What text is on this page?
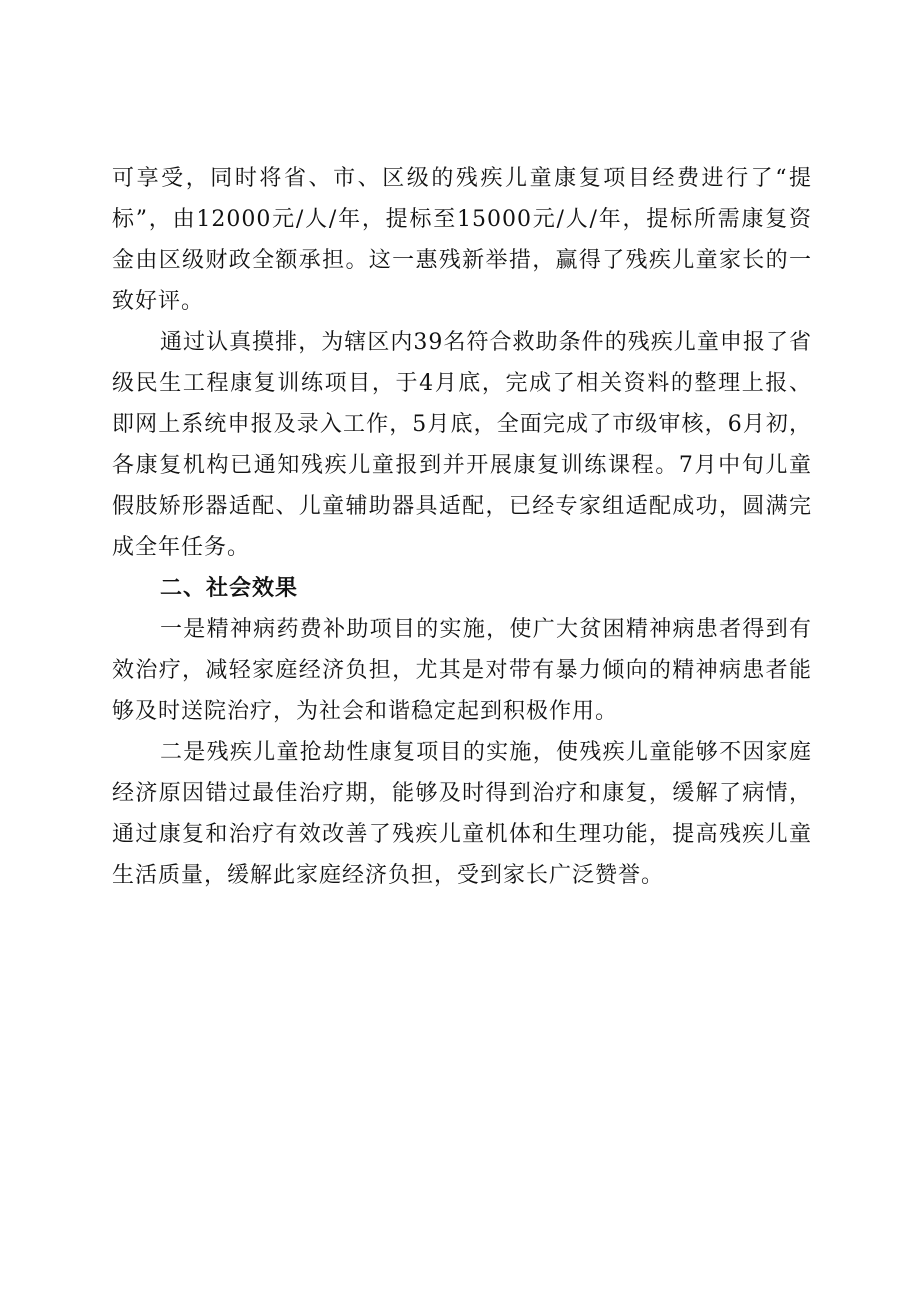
可享受，同时将省、市、区级的残疾儿童康复项目经费进行了“提标”，由12000元/人/年，提标至15000元/人/年，提标所需康复资金由区级财政全额承担。这一惠残新举措，赢得了残疾儿童家长的一致好评。

通过认真摸排，为辖区内39名符合救助条件的残疾儿童申报了省级民生工程康复训练项目，于4月底，完成了相关资料的整理上报、即网上系统申报及录入工作，5月底，全面完成了市级审核，6月初，各康复机构已通知残疾儿童报到并开展康复训练课程。7月中旬儿童假肢矫形器适配、儿童辅助器具适配，已经专家组适配成功，圆满完成全年任务。

二、社会效果

一是精神病药费补助项目的实施，使广大贫困精神病患者得到有效治疗，减轻家庭经济负担，尤其是对带有暴力倾向的精神病患者能够及时送院治疗，为社会和谐稳定起到积极作用。

二是残疾儿童抢劫性康复项目的实施，使残疾儿童能够不因家庭经济原因错过最佳治疗期，能够及时得到治疗和康复，缓解了病情，通过康复和治疗有效改善了残疾儿童机体和生理功能，提高残疾儿童生活质量，缓解此家庭经济负担，受到家长广泛赞誉。
